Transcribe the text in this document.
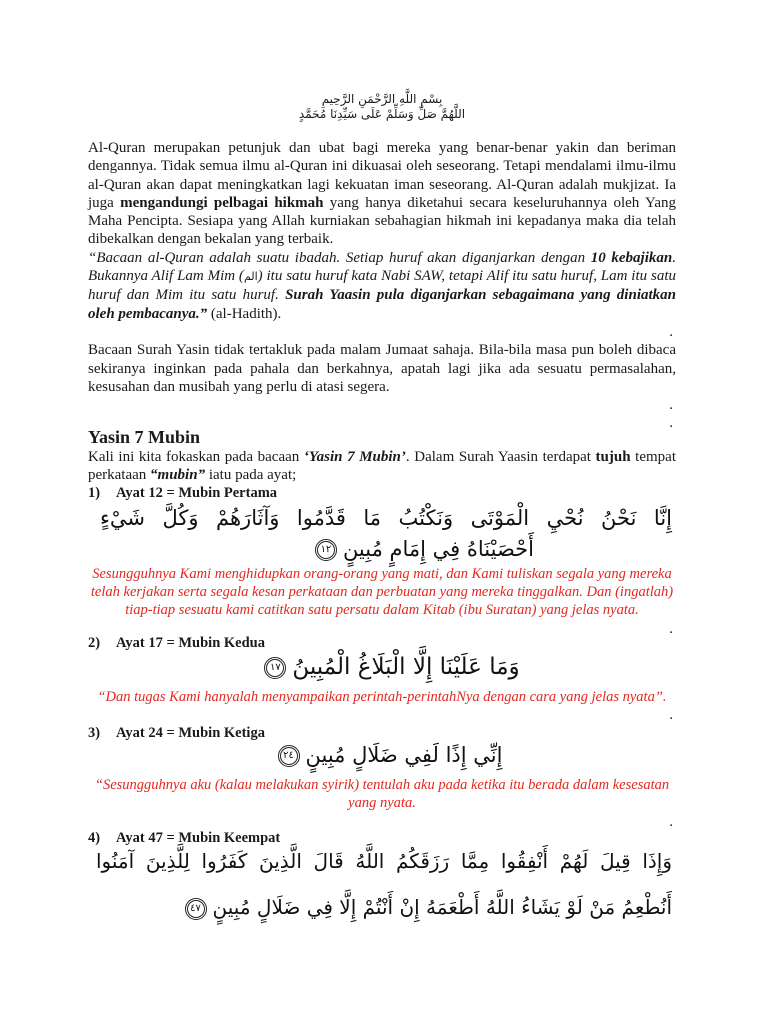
بِسْمِ اللَّهِ الرَّحْمَنِ الرَّحِيمِ
اللَّهُمَّ صَلِّ وَسَلِّمْ عَلَى سَيِّدِنَا مُحَمَّدٍ

Al-Quran merupakan petunjuk dan ubat bagi mereka yang benar-benar yakin dan beriman dengannya. Tidak semua ilmu al-Quran ini dikuasai oleh seseorang. Tetapi mendalami ilmu-ilmu al-Quran akan dapat meningkatkan lagi kekuatan iman seseorang. Al-Quran adalah mukjizat. Ia juga mengandungi pelbagai hikmah yang hanya diketahui secara keseluruhannya oleh Yang Maha Pencipta. Sesiapa yang Allah kurniakan sebahagian hikmah ini kepadanya maka dia telah dibekalkan dengan bekalan yang terbaik.

“Bacaan al-Quran adalah suatu ibadah. Setiap huruf akan diganjarkan dengan 10 kebajikan. Bukannya Alif Lam Mim (الم) itu satu huruf kata Nabi SAW, tetapi Alif itu satu huruf, Lam itu satu huruf dan Mim itu satu huruf. Surah Yaasin pula diganjarkan sebagaimana yang diniatkan oleh pembacanya.” (al-Hadith).

.

Bacaan Surah Yasin tidak tertakluk pada malam Jumaat sahaja. Bila-bila masa pun boleh dibaca sekiranya inginkan pada pahala dan berkahnya, apatah lagi jika ada sesuatu permasalahan, kesusahan dan musibah yang perlu di atasi segera.

.
.
Yasin 7 Mubin

Kali ini kita fokaskan pada bacaan ‘Yasin 7 Mubin’. Dalam Surah Yaasin terdapat tujuh tempat perkataan “mubin” iatu pada ayat;

1)	Ayat 12 = Mubin Pertama
إِنَّا نَحْنُ نُحْيِ الْمَوْتَى وَنَكْتُبُ مَا قَدَّمُوا وَآثَارَهُمْ وَكُلَّ شَيْءٍ
أَحْصَيْنَاهُ فِي إِمَامٍ مُبِينٍ١٢
Sesungguhnya Kami menghidupkan orang-orang yang mati, dan Kami tuliskan segala yang mereka telah kerjakan serta segala kesan perkataan dan perbuatan yang mereka tinggalkan. Dan (ingatlah) tiap-tiap sesuatu kami catitkan satu persatu dalam Kitab (ibu Suratan) yang jelas nyata.
.
2)	Ayat 17 = Mubin Kedua
وَمَا عَلَيْنَا إِلَّا الْبَلَاغُ الْمُبِينُ١٧
“Dan tugas Kami hanyalah menyampaikan perintah-perintahNya dengan cara yang jelas nyata”.
.
3)	Ayat 24 = Mubin Ketiga
إِنِّي إِذًا لَفِي ضَلَالٍ مُبِينٍ٢٤
“Sesungguhnya aku (kalau melakukan syirik) tentulah aku pada ketika itu berada dalam kesesatan yang nyata.
.
4)	Ayat 47 = Mubin Keempat
وَإِذَا قِيلَ لَهُمْ أَنْفِقُوا مِمَّا رَزَقَكُمُ اللَّهُ قَالَ الَّذِينَ كَفَرُوا لِلَّذِينَ آمَنُوا
أَنُطْعِمُ مَنْ لَوْ يَشَاءُ اللَّهُ أَطْعَمَهُ إِنْ أَنْتُمْ إِلَّا فِي ضَلَالٍ مُبِينٍ٤٧
